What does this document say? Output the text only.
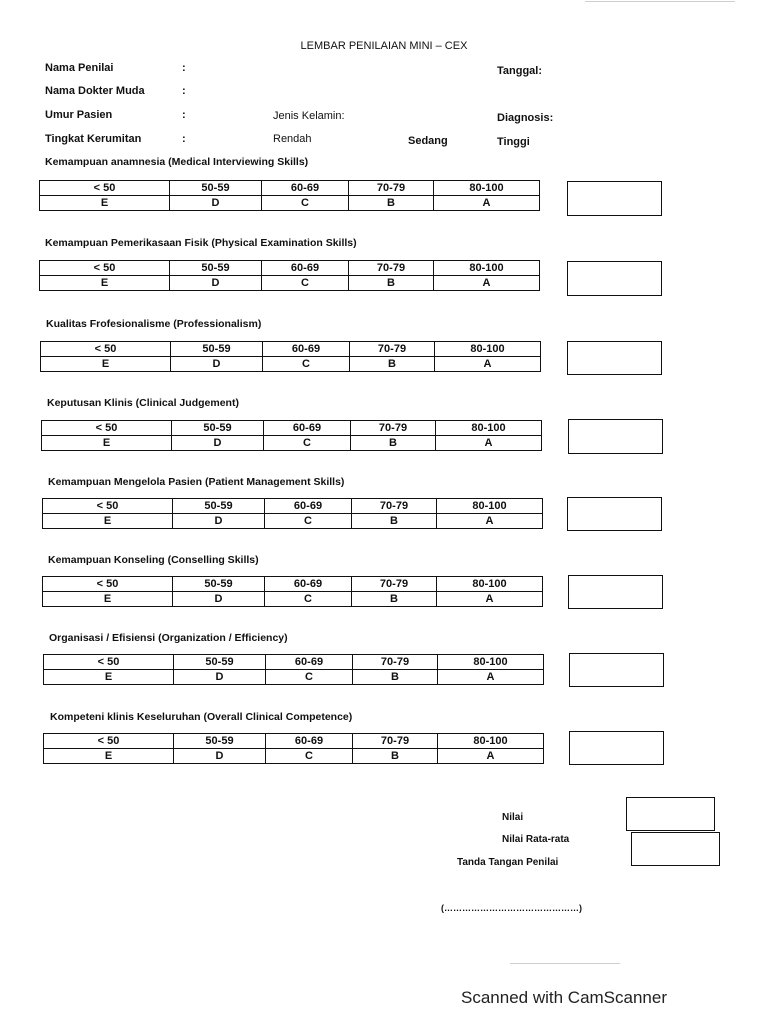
LEMBAR PENILAIAN MINI – CEX
Nama Penilai	:	Tanggal:
Nama Dokter Muda	:
Umur Pasien	:	Jenis Kelamin:	Diagnosis:
Tingkat Kerumitan	:	Rendah	Sedang	Tinggi
Kemampuan anamnesia (Medical Interviewing Skills)
< 50	50-59	60-69	70-79	80-100
E	D	C	B	A
Kemampuan Pemerikasaan Fisik (Physical Examination Skills)
< 50	50-59	60-69	70-79	80-100
E	D	C	B	A
Kualitas Frofesionalisme (Professionalism)
< 50	50-59	60-69	70-79	80-100
E	D	C	B	A
Keputusan Klinis (Clinical Judgement)
< 50	50-59	60-69	70-79	80-100
E	D	C	B	A
Kemampuan Mengelola Pasien (Patient Management Skills)
< 50	50-59	60-69	70-79	80-100
E	D	C	B	A
Kemampuan Konseling (Conselling Skills)
< 50	50-59	60-69	70-79	80-100
E	D	C	B	A
Organisasi / Efisiensi (Organization / Efficiency)
< 50	50-59	60-69	70-79	80-100
E	D	C	B	A
Kompeteni klinis Keseluruhan (Overall Clinical Competence)
< 50	50-59	60-69	70-79	80-100
E	D	C	B	A
Nilai
Nilai Rata-rata
Tanda Tangan Penilai
(………………………………………)
Scanned with CamScanner
